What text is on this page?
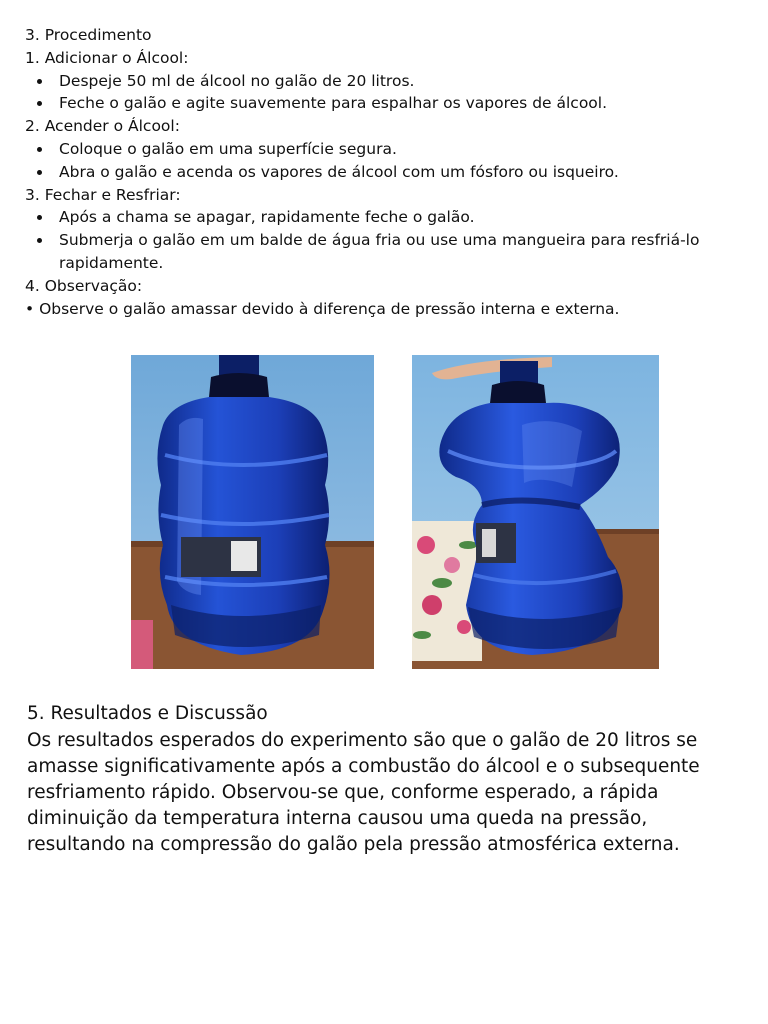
3. Procedimento

1. Adicionar o Álcool:

Despeje 50 ml de álcool no galão de 20 litros.
Feche o galão e agite suavemente para espalhar os vapores de álcool.

2. Acender o Álcool:

Coloque o galão em uma superfície segura.
Abra o galão e acenda os vapores de álcool com um fósforo ou isqueiro.

3. Fechar e Resfriar:

Após a chama se apagar, rapidamente feche o galão.
Submerja o galão em um balde de água fria ou use uma mangueira para resfriá-lo rapidamente.

4. Observação:

• Observe o galão amassar devido à diferença de pressão interna e externa.

5. Resultados e Discussão

Os resultados esperados do experimento são que o galão de 20 litros se amasse significativamente após a combustão do álcool e o subsequente resfriamento rápido. Observou-se que, conforme esperado, a rápida diminuição da temperatura interna causou uma queda na pressão, resultando na compressão do galão pela pressão atmosférica externa.
